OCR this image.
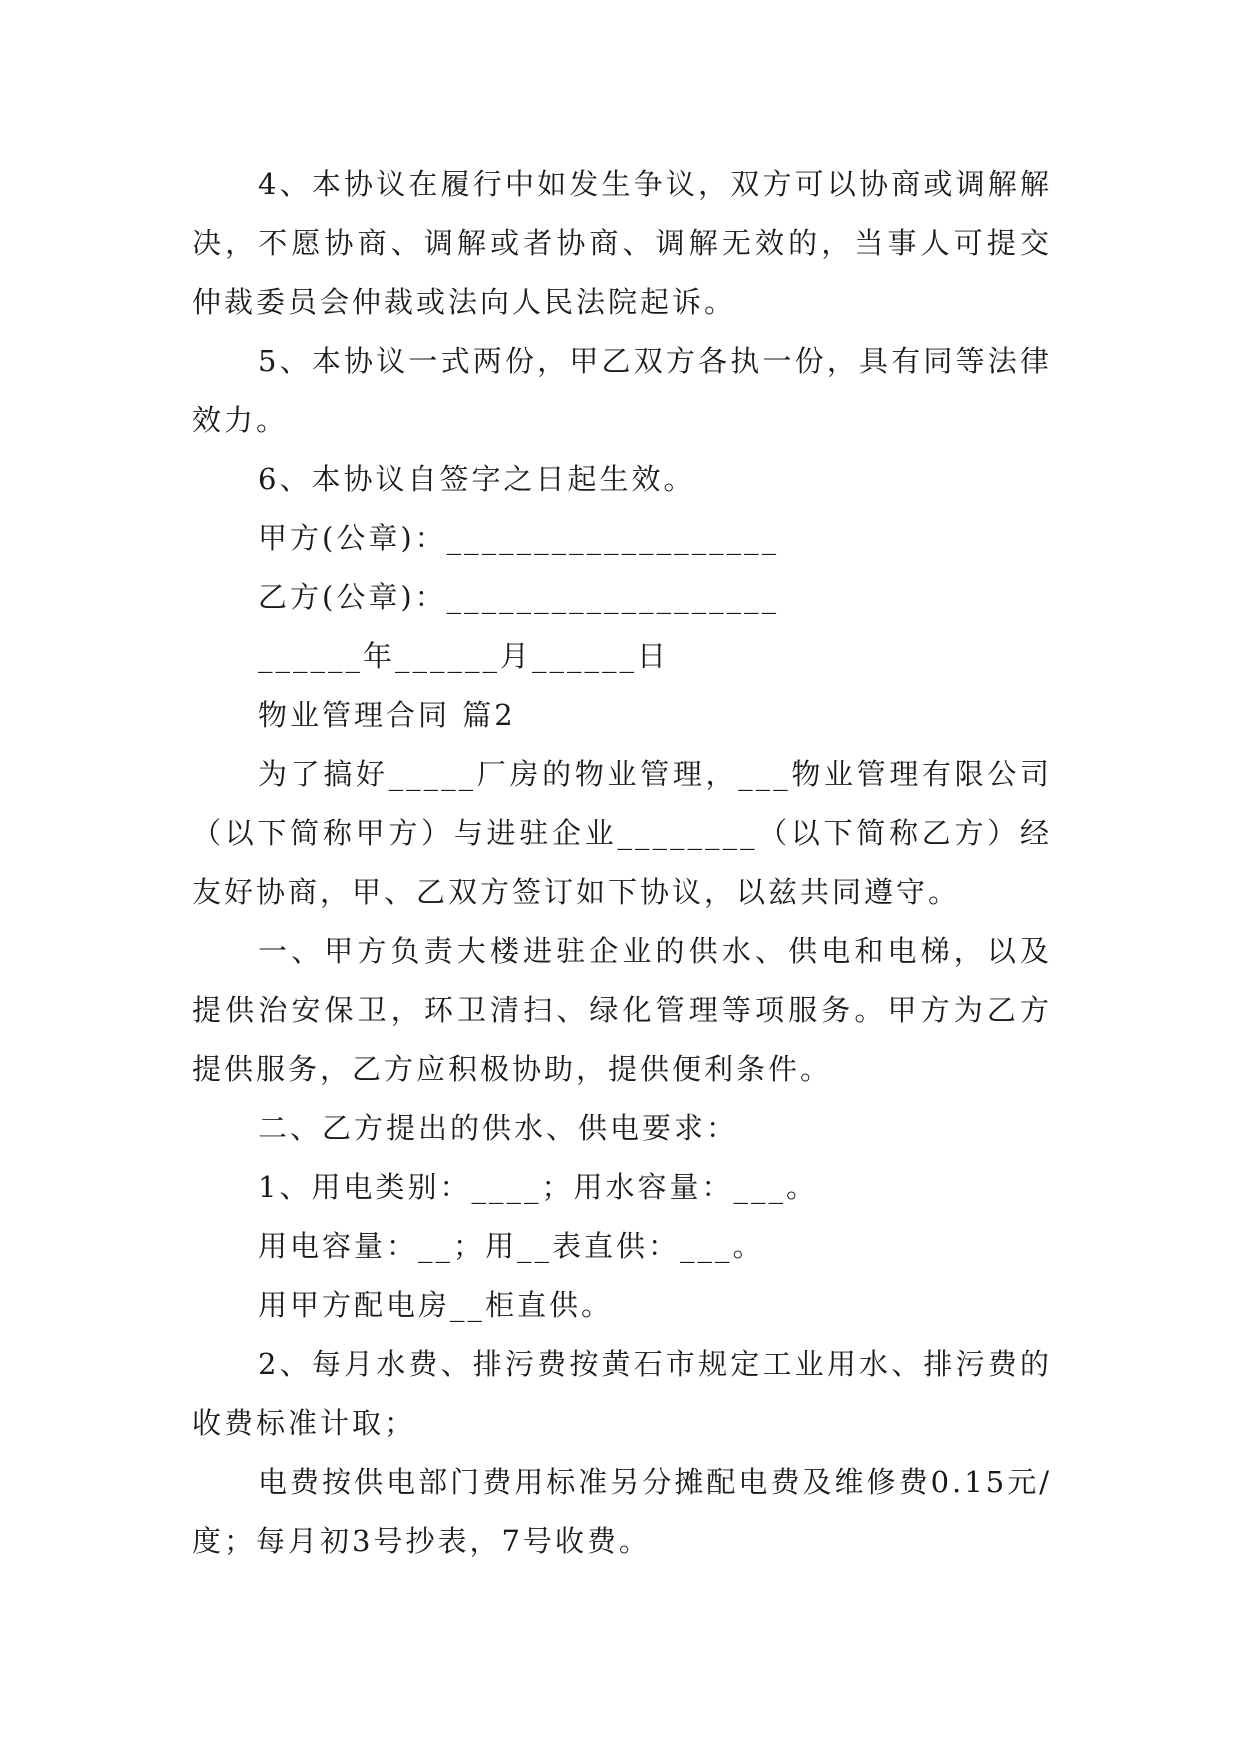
4、本协议在履行中如发生争议，双方可以协商或调解解决，不愿协商、调解或者协商、调解无效的，当事人可提交仲裁委员会仲裁或法向人民法院起诉。

5、本协议一式两份，甲乙双方各执一份，具有同等法律效力。

6、本协议自签字之日起生效。

甲方(公章)：___________________

乙方(公章)：___________________

______年______月______日

物业管理合同 篇2

为了搞好_____厂房的物业管理，___物业管理有限公司（以下简称甲方）与进驻企业________（以下简称乙方）经友好协商，甲、乙双方签订如下协议，以兹共同遵守。

一、甲方负责大楼进驻企业的供水、供电和电梯，以及提供治安保卫，环卫清扫、绿化管理等项服务。甲方为乙方提供服务，乙方应积极协助，提供便利条件。

二、乙方提出的供水、供电要求：

1、用电类别：____；用水容量：___。

用电容量：__；用__表直供：___。

用甲方配电房__柜直供。

2、每月水费、排污费按黄石市规定工业用水、排污费的收费标准计取；

电费按供电部门费用标准另分摊配电费及维修费0.15元/度；每月初3号抄表，7号收费。
